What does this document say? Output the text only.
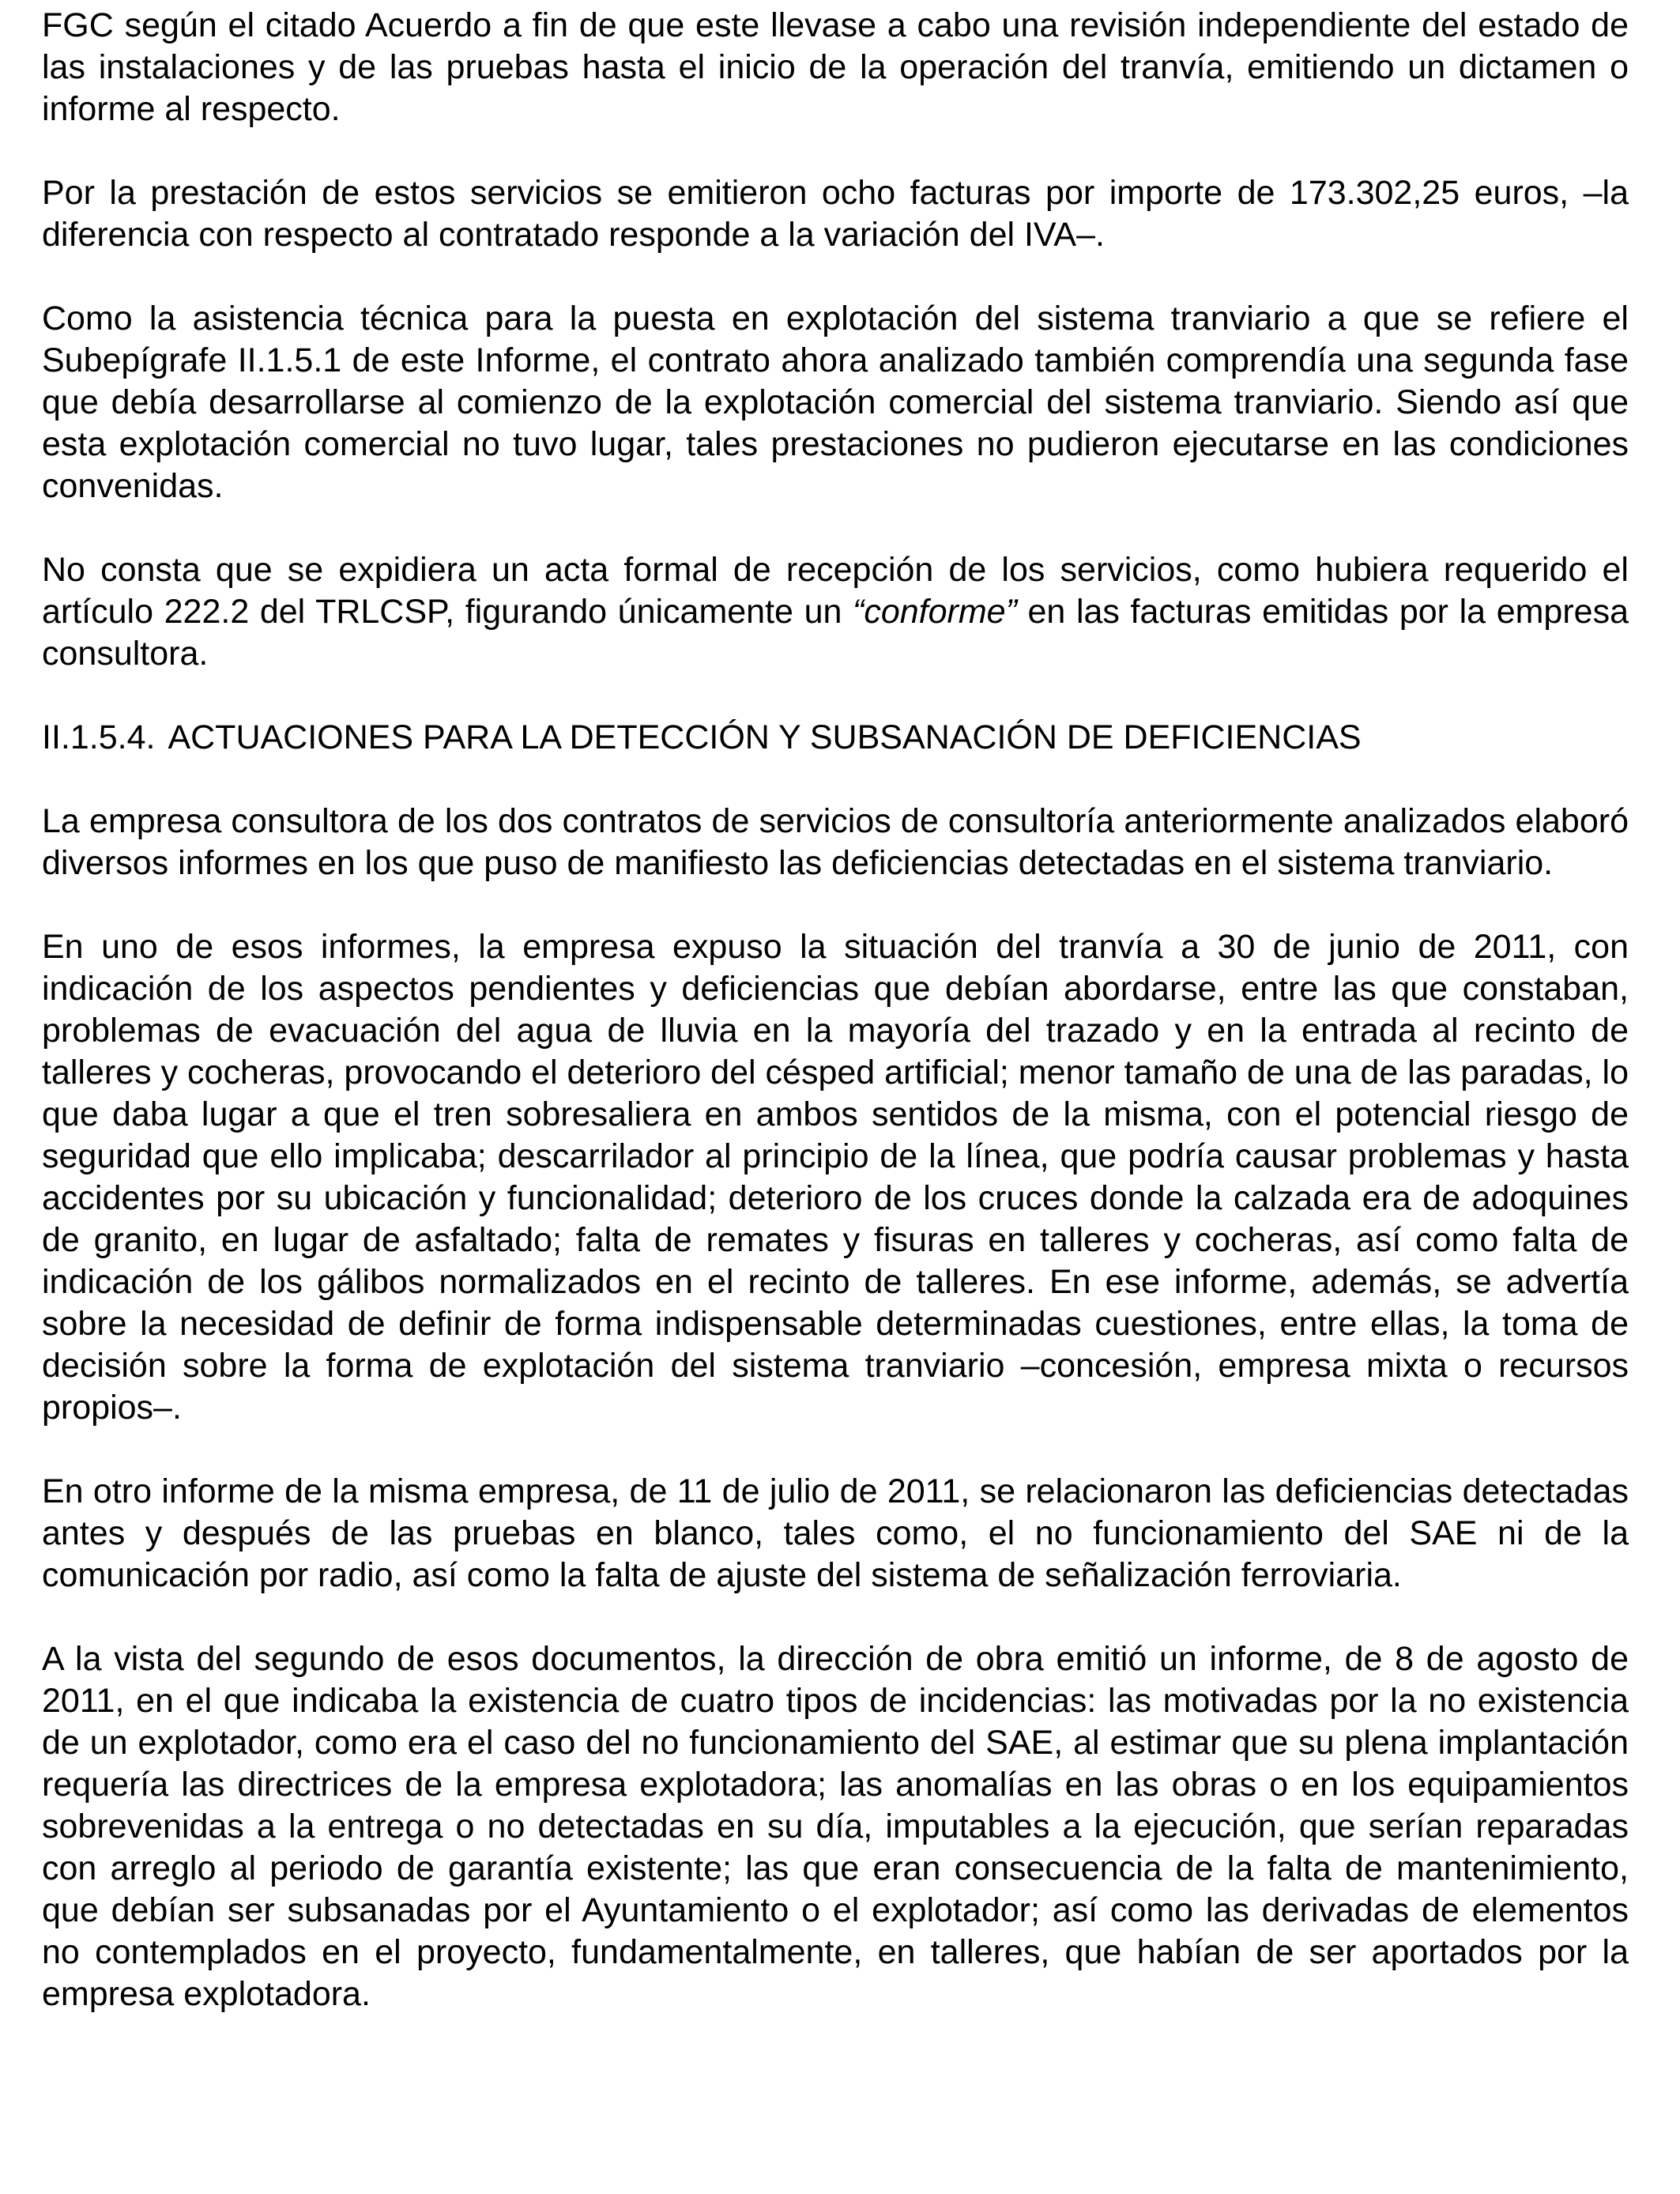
FGC según el citado Acuerdo a fin de que este llevase a cabo una revisión independiente del estado de las instalaciones y de las pruebas hasta el inicio de la operación del tranvía, emitiendo un dictamen o informe al respecto.

Por la prestación de estos servicios se emitieron ocho facturas por importe de 173.302,25 euros, –la diferencia con respecto al contratado responde a la variación del IVA–.

Como la asistencia técnica para la puesta en explotación del sistema tranviario a que se refiere el Subepígrafe II.1.5.1 de este Informe, el contrato ahora analizado también comprendía una segunda fase que debía desarrollarse al comienzo de la explotación comercial del sistema tranviario. Siendo así que esta explotación comercial no tuvo lugar, tales prestaciones no pudieron ejecutarse en las condiciones convenidas.

No consta que se expidiera un acta formal de recepción de los servicios, como hubiera requerido el artículo 222.2 del TRLCSP, figurando únicamente un “conforme” en las facturas emitidas por la empresa consultora.

II.1.5.4. ACTUACIONES PARA LA DETECCIÓN Y SUBSANACIÓN DE DEFICIENCIAS

La empresa consultora de los dos contratos de servicios de consultoría anteriormente analizados elaboró diversos informes en los que puso de manifiesto las deficiencias detectadas en el sistema tranviario.

En uno de esos informes, la empresa expuso la situación del tranvía a 30 de junio de 2011, con indicación de los aspectos pendientes y deficiencias que debían abordarse, entre las que constaban, problemas de evacuación del agua de lluvia en la mayoría del trazado y en la entrada al recinto de talleres y cocheras, provocando el deterioro del césped artificial; menor tamaño de una de las paradas, lo que daba lugar a que el tren sobresaliera en ambos sentidos de la misma, con el potencial riesgo de seguridad que ello implicaba; descarrilador al principio de la línea, que podría causar problemas y hasta accidentes por su ubicación y funcionalidad; deterioro de los cruces donde la calzada era de adoquines de granito, en lugar de asfaltado; falta de remates y fisuras en talleres y cocheras, así como falta de indicación de los gálibos normalizados en el recinto de talleres. En ese informe, además, se advertía sobre la necesidad de definir de forma indispensable determinadas cuestiones, entre ellas, la toma de decisión sobre la forma de explotación del sistema tranviario –concesión, empresa mixta o recursos propios–.

En otro informe de la misma empresa, de 11 de julio de 2011, se relacionaron las deficiencias detectadas antes y después de las pruebas en blanco, tales como, el no funcionamiento del SAE ni de la comunicación por radio, así como la falta de ajuste del sistema de señalización ferroviaria.

A la vista del segundo de esos documentos, la dirección de obra emitió un informe, de 8 de agosto de 2011, en el que indicaba la existencia de cuatro tipos de incidencias: las motivadas por la no existencia de un explotador, como era el caso del no funcionamiento del SAE, al estimar que su plena implantación requería las directrices de la empresa explotadora; las anomalías en las obras o en los equipamientos sobrevenidas a la entrega o no detectadas en su día, imputables a la ejecución, que serían reparadas con arreglo al periodo de garantía existente; las que eran consecuencia de la falta de mantenimiento, que debían ser subsanadas por el Ayuntamiento o el explotador; así como las derivadas de elementos no contemplados en el proyecto, fundamentalmente, en talleres, que habían de ser aportados por la empresa explotadora.
